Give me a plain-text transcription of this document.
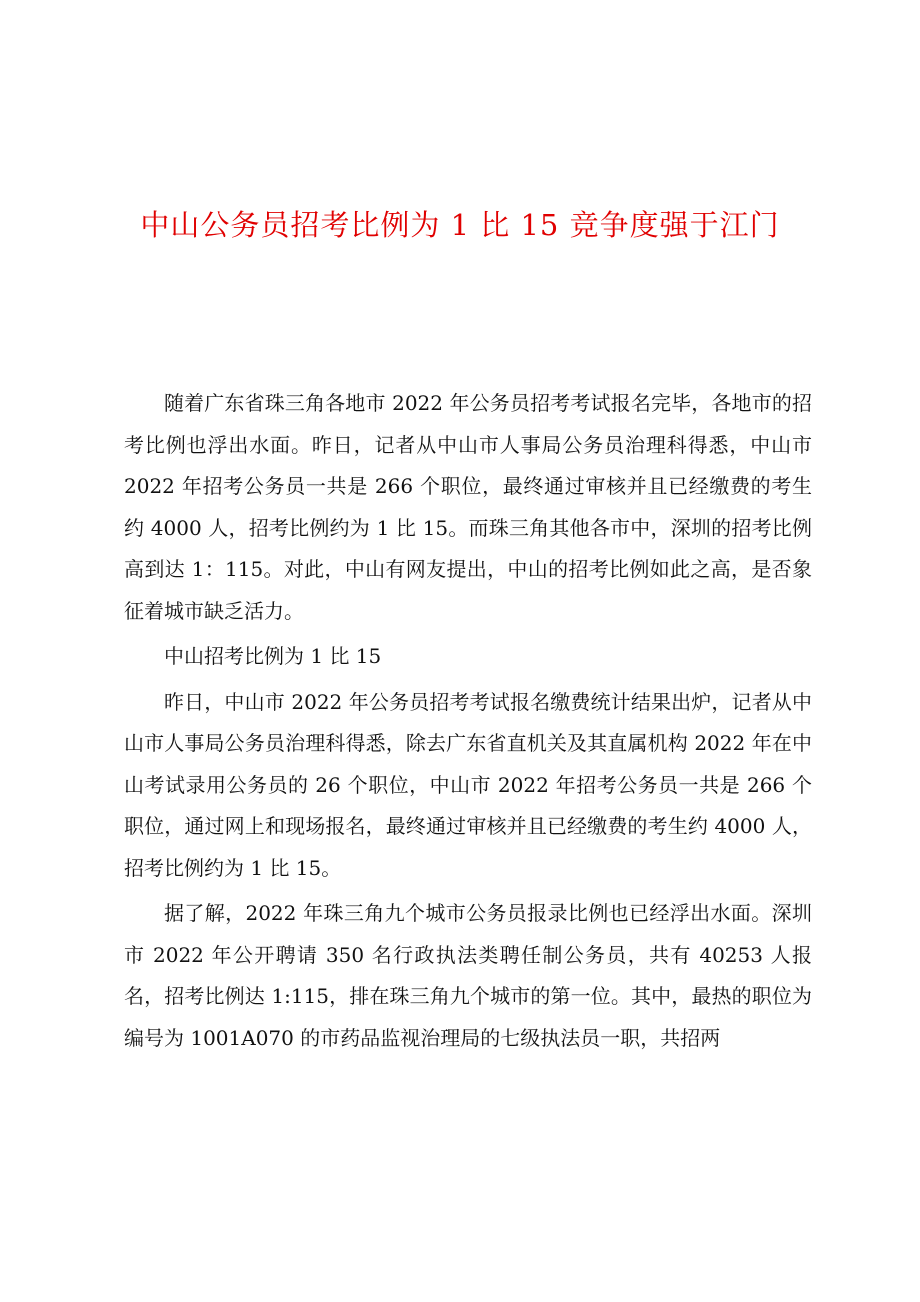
中山公务员招考比例为 1 比 15 竞争度强于江门

随着广东省珠三角各地市 2022 年公务员招考考试报名完毕，各地市的招考比例也浮出水面。昨日，记者从中山市人事局公务员治理科得悉，中山市 2022 年招考公务员一共是 266 个职位，最终通过审核并且已经缴费的考生约 4000 人，招考比例约为 1 比 15。而珠三角其他各市中，深圳的招考比例高到达 1：115。对此，中山有网友提出，中山的招考比例如此之高，是否象征着城市缺乏活力。

中山招考比例为 1 比 15

昨日，中山市 2022 年公务员招考考试报名缴费统计结果出炉，记者从中山市人事局公务员治理科得悉，除去广东省直机关及其直属机构 2022 年在中山考试录用公务员的 26 个职位，中山市 2022 年招考公务员一共是 266 个职位，通过网上和现场报名，最终通过审核并且已经缴费的考生约 4000 人，招考比例约为 1 比 15。

据了解，2022 年珠三角九个城市公务员报录比例也已经浮出水面。深圳市 2022 年公开聘请 350 名行政执法类聘任制公务员，共有 40253 人报名，招考比例达 1:115，排在珠三角九个城市的第一位。其中，最热的职位为编号为 1001A070 的市药品监视治理局的七级执法员一职，共招两
